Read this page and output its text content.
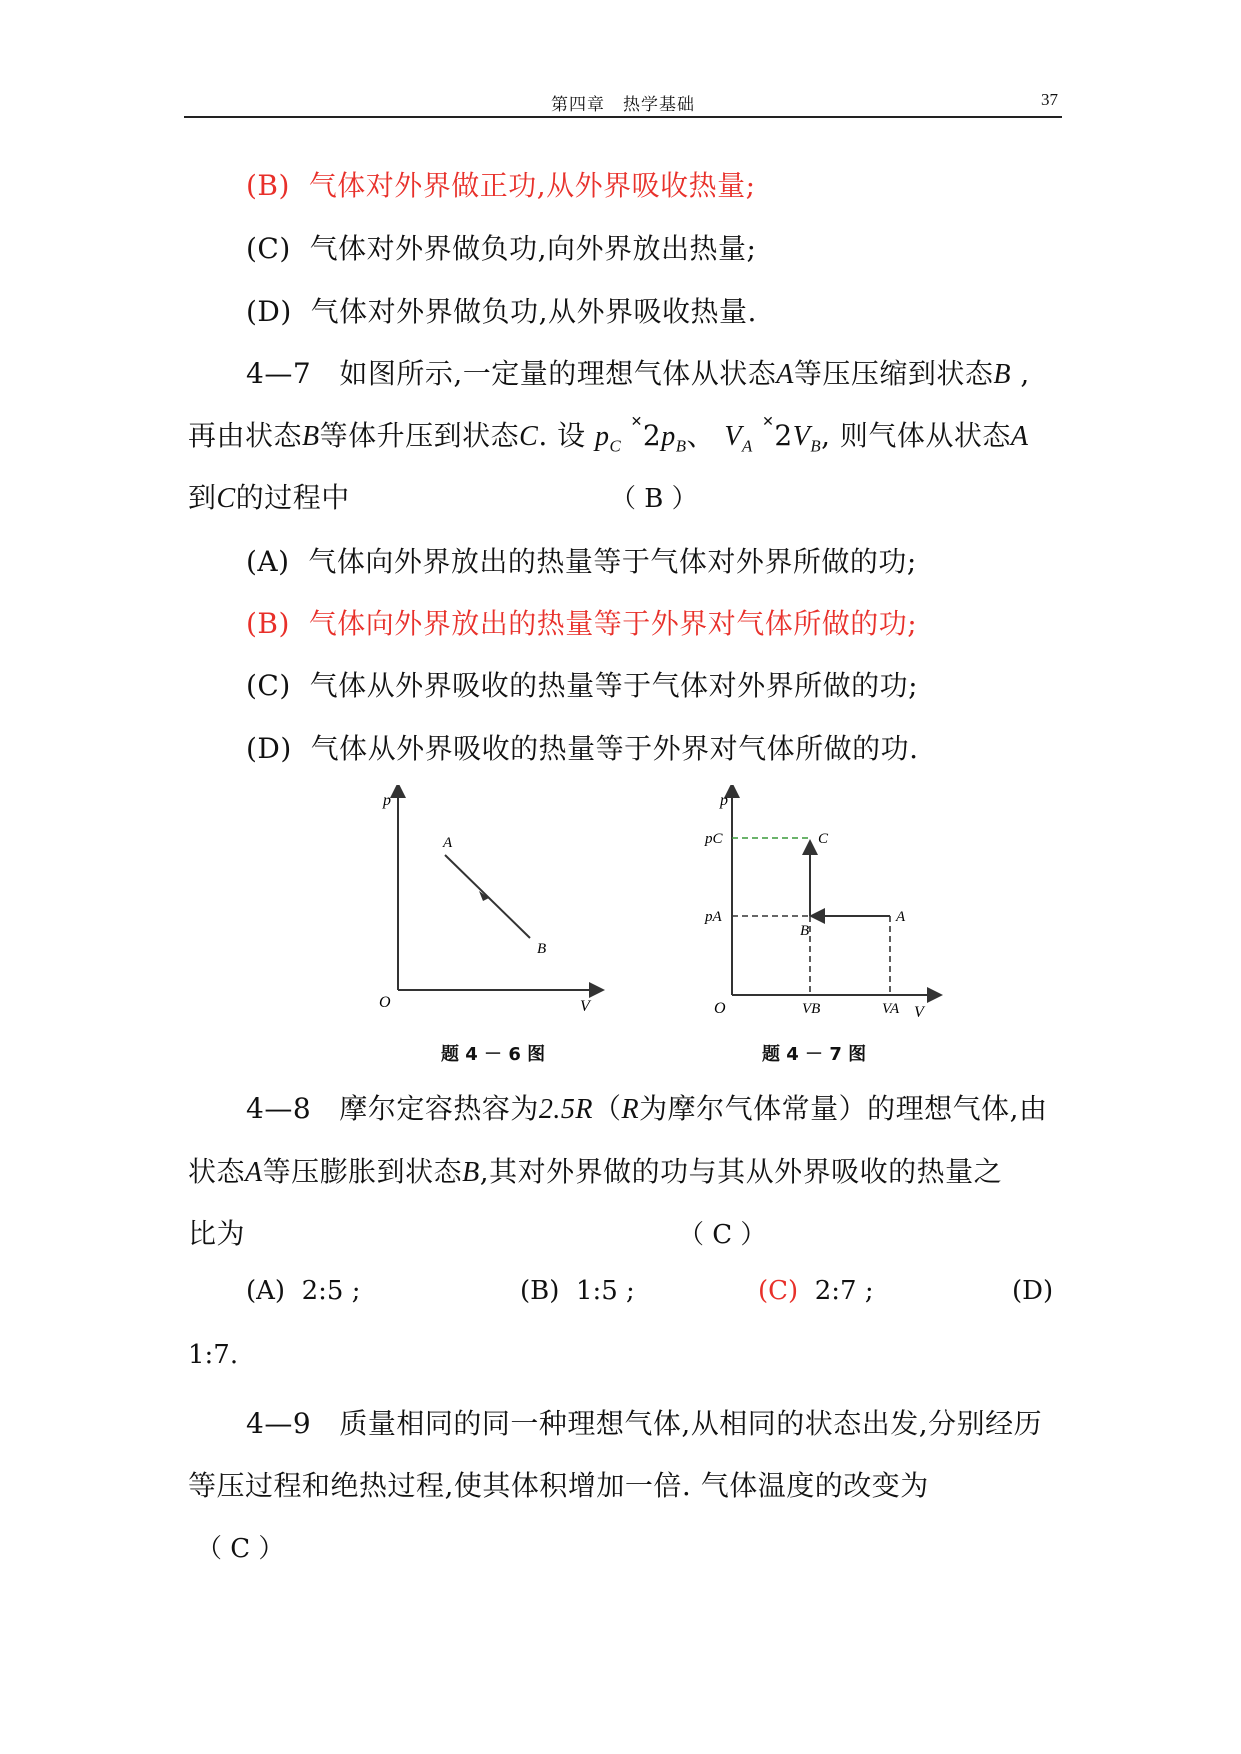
第四章　热学基础	37
(B) 气体对外界做正功,从外界吸收热量;
(C) 气体对外界做负功,向外界放出热量;
(D) 气体对外界做负功,从外界吸收热量.
4—7 如图所示,一定量的理想气体从状态A等压压缩到状态B ,
再由状态B等体升压到状态C. 设 $p_C$ $^✕2p_B$、 $V_A$ $^✕2V_B$, 则气体从状态A
到C的过程中	（ B ）
(A) 气体向外界放出的热量等于气体对外界所做的功;
(B) 气体向外界放出的热量等于外界对气体所做的功;
(C) 气体从外界吸收的热量等于气体对外界所做的功;
(D) 气体从外界吸收的热量等于外界对气体所做的功.
p
V
O
A
B
题 4 － 6 图
p
V
O
pC
pA
C
B
A
VB	VA
题 4 － 7 图
4—8 摩尔定容热容为2.5R（R为摩尔气体常量）的理想气体,由
状态A等压膨胀到状态B,其对外界做的功与其从外界吸收的热量之
比为	（ C ）
(A) 2:5 ;	(B) 1:5 ;	(C) 2:7 ;	(D)
1:7.
4—9 质量相同的同一种理想气体,从相同的状态出发,分别经历
等压过程和绝热过程,使其体积增加一倍. 气体温度的改变为
（ C ）
